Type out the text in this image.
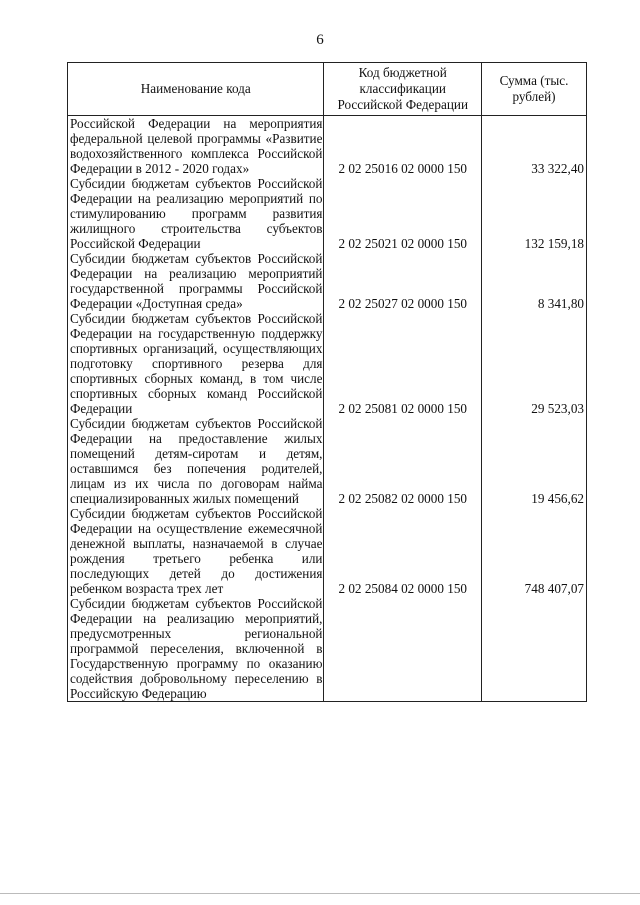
6
Наименование кода	Код бюджетной классификации Российской Федерации	Сумма (тыс. рублей)
Российской Федерации на мероприятия федеральной целевой программы «Развитие водохозяйственного комплекса Российской Федерации в 2012 - 2020 годах»	2 02 25016 02 0000 150	33 322,40
Субсидии бюджетам субъектов Российской Федерации на реализацию мероприятий по стимулированию программ развития жилищного строительства субъектов Российской Федерации	2 02 25021 02 0000 150	132 159,18
Субсидии бюджетам субъектов Российской Федерации на реализацию мероприятий государственной программы Российской Федерации «Доступная среда»	2 02 25027 02 0000 150	8 341,80
Субсидии бюджетам субъектов Российской Федерации на государственную поддержку спортивных организаций, осуществляющих подготовку спортивного резерва для спортивных сборных команд, в том числе спортивных сборных команд Российской Федерации	2 02 25081 02 0000 150	29 523,03
Субсидии бюджетам субъектов Российской Федерации на предоставление жилых помещений детям-сиротам и детям, оставшимся без попечения родителей, лицам из их числа по договорам найма специализированных жилых помещений	2 02 25082 02 0000 150	19 456,62
Субсидии бюджетам субъектов Российской Федерации на осуществление ежемесячной денежной выплаты, назначаемой в случае рождения третьего ребенка или последующих детей до достижения ребенком возраста трех лет	2 02 25084 02 0000 150	748 407,07
Субсидии бюджетам субъектов Российской Федерации на реализацию мероприятий, предусмотренных региональной программой переселения, включенной в Государственную программу по оказанию содействия добровольному переселению в Российскую Федерацию		
